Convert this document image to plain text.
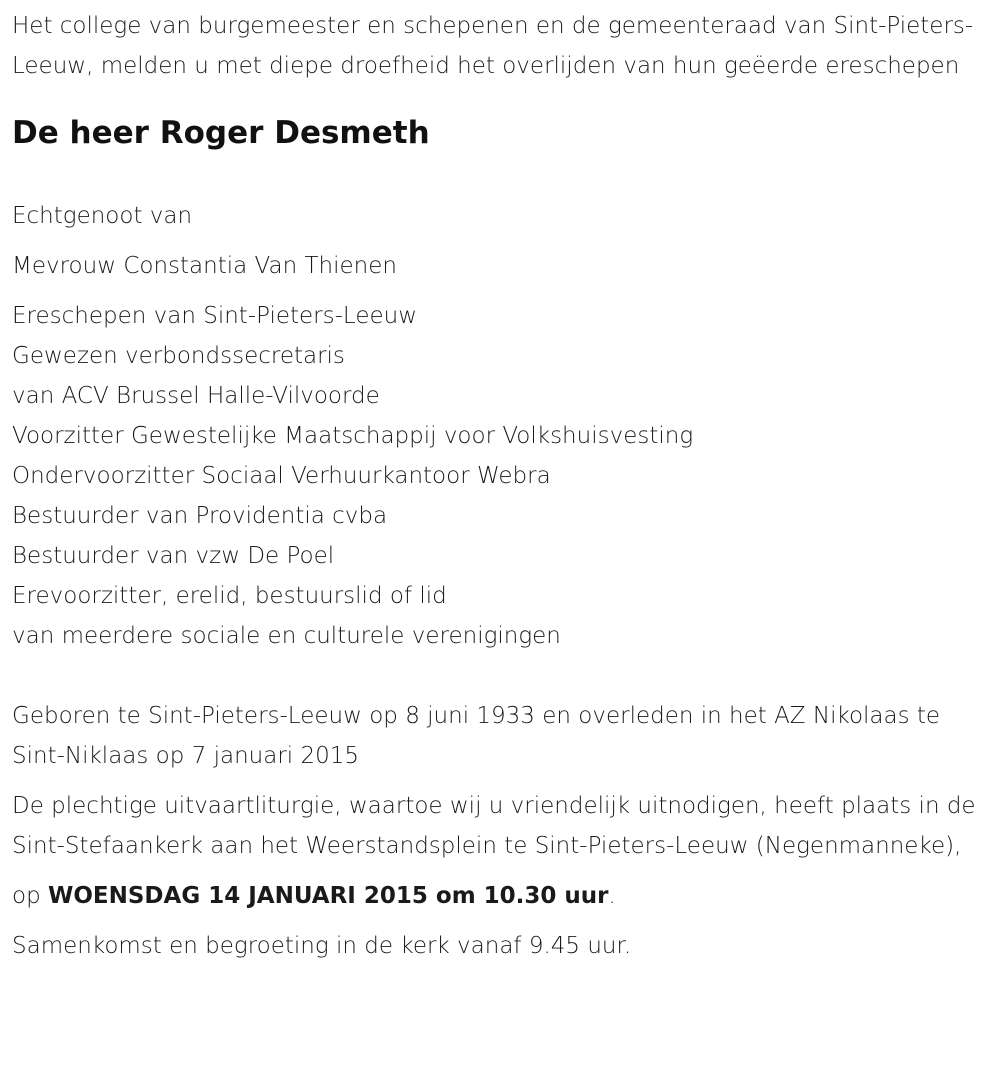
Het college van burgemeester en schepenen en de gemeenteraad van Sint-Pieters-Leeuw, melden u met diepe droefheid het overlijden van hun geëerde ereschepen

De heer Roger Desmeth

Echtgenoot van

Mevrouw Constantia Van Thienen

Ereschepen van Sint-Pieters-Leeuw
Gewezen verbondssecretaris
van ACV Brussel Halle-Vilvoorde
Voorzitter Gewestelijke Maatschappij voor Volkshuisvesting
Ondervoorzitter Sociaal Verhuurkantoor Webra
Bestuurder van Providentia cvba
Bestuurder van vzw De Poel
Erevoorzitter, erelid, bestuurslid of lid
van meerdere sociale en culturele verenigingen

Geboren te Sint-Pieters-Leeuw op 8 juni 1933 en overleden in het AZ Nikolaas te Sint-Niklaas op 7 januari 2015

De plechtige uitvaartliturgie, waartoe wij u vriendelijk uitnodigen, heeft plaats in de Sint-Stefaankerk aan het Weerstandsplein te Sint-Pieters-Leeuw (Negenmanneke),

op WOENSDAG 14 JANUARI 2015 om 10.30 uur.

Samenkomst en begroeting in de kerk vanaf 9.45 uur.
